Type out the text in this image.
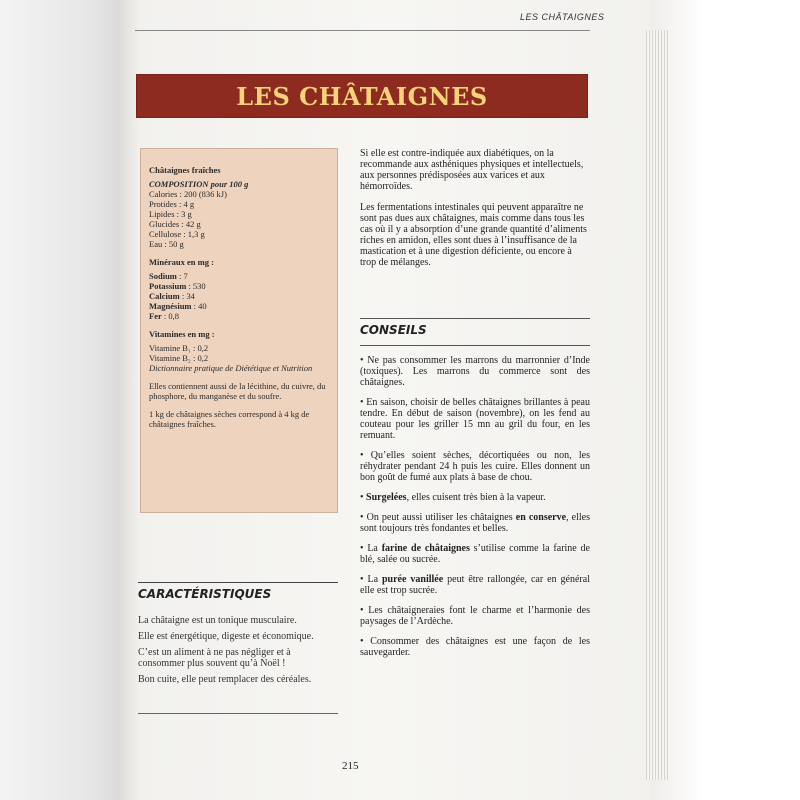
LES CHÂTAIGNES
LES CHÂTAIGNES
Châtaignes fraîches
COMPOSITION pour 100 g
Calories : 200 (836 kJ)
Protides : 4 g
Lipides : 3 g
Glucides : 42 g
Cellulose : 1,3 g
Eau : 50 g
Minéraux en mg :
Sodium : 7
Potassium : 530
Calcium : 34
Magnésium : 40
Fer : 0,8
Vitamines en mg :
Vitamine B₁ : 0,2
Vitamine B₂ : 0,2
Dictionnaire pratique de Diététique et Nutrition
Elles contiennent aussi de la lécithine, du cuivre, du phosphore, du manganèse et du soufre.
1 kg de châtaignes sèches correspond à 4 kg de châtaignes fraîches.

Si elle est contre-indiquée aux diabétiques, on la recommande aux asthéniques physiques et intellectuels, aux personnes prédisposées aux varices et aux hémorroïdes.

Les fermentations intestinales qui peuvent apparaître ne sont pas dues aux châtaignes, mais comme dans tous les cas où il y a absorption d’une grande quantité d’aliments riches en amidon, elles sont dues à l’insuffisance de la mastication et à une digestion déficiente, ou encore à trop de mélanges.

CONSEILS
• Ne pas consommer les marrons du marronnier d’Inde (toxiques). Les marrons du commerce sont des châtaignes.
• En saison, choisir de belles châtaignes brillantes à peau tendre. En début de saison (novembre), on les fend au couteau pour les griller 15 mn au gril du four, en les remuant.
• Qu’elles soient sèches, décortiquées ou non, les réhydrater pendant 24 h puis les cuire. Elles donnent un bon goût de fumé aux plats à base de chou.
• Surgelées, elles cuisent très bien à la vapeur.
• On peut aussi utiliser les châtaignes en conserve, elles sont toujours très fondantes et belles.
• La farine de châtaignes s’utilise comme la farine de blé, salée ou sucrée.
• La purée vanillée peut être rallongée, car en général elle est trop sucrée.
• Les châtaigneraies font le charme et l’harmonie des paysages de l’Ardèche.
• Consommer des châtaignes est une façon de les sauvegarder.
CARACTÉRISTIQUES
La châtaigne est un tonique musculaire.
Elle est énergétique, digeste et économique.
C’est un aliment à ne pas négliger et à consommer plus souvent qu’à Noël !
Bon cuite, elle peut remplacer des céréales.
215
